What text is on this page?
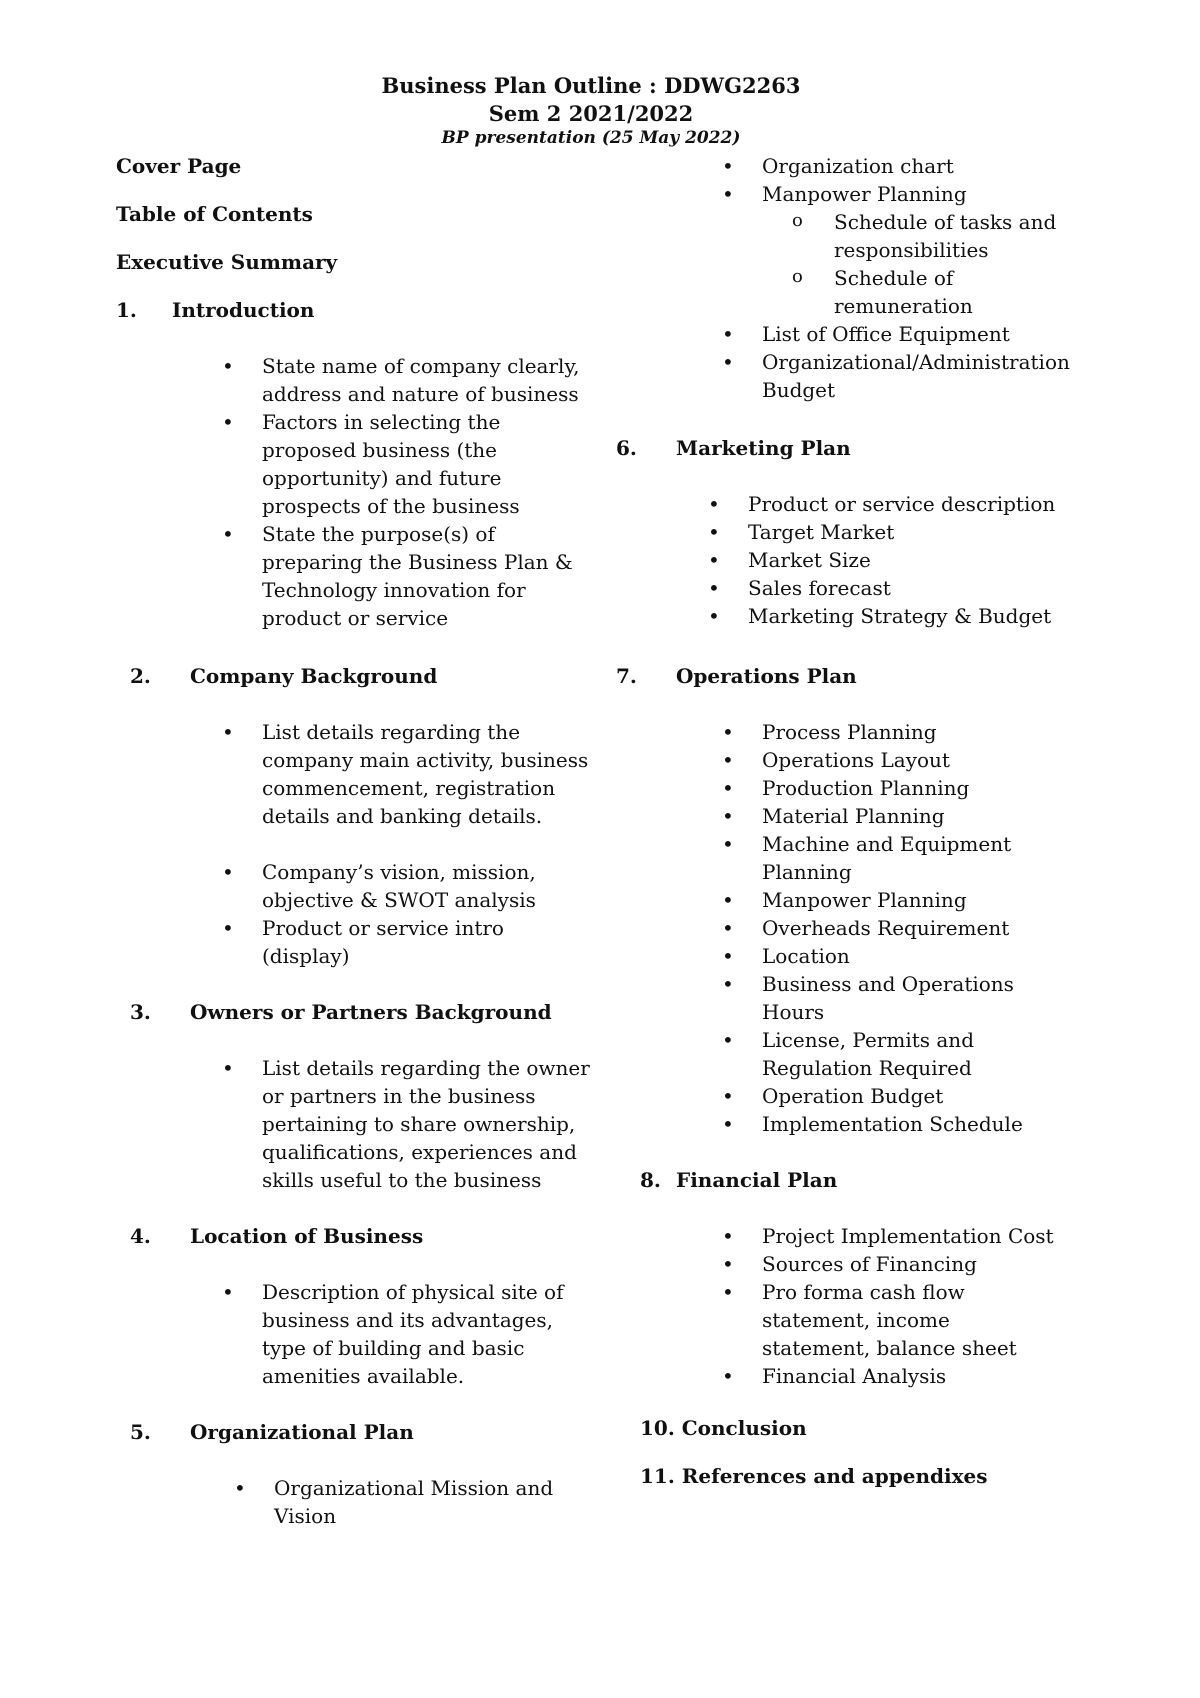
Business Plan Outline : DDWG2263
Sem 2 2021/2022
BP presentation (25 May 2022)
Cover Page
Table of Contents
Executive Summary
1. Introduction
• State name of company clearly, address and nature of business
• Factors in selecting the proposed business (the opportunity) and future prospects of the business
• State the purpose(s) of preparing the Business Plan & Technology innovation for product or service
2. Company Background
• List details regarding the company main activity, business commencement, registration details and banking details.
• Company’s vision, mission, objective & SWOT analysis
• Product or service intro (display)
3. Owners or Partners Background
• List details regarding the owner or partners in the business pertaining to share ownership, qualifications, experiences and skills useful to the business
4. Location of Business
• Description of physical site of business and its advantages, type of building and basic amenities available.
5. Organizational Plan
• Organizational Mission and Vision
• Organization chart
• Manpower Planning
o Schedule of tasks and responsibilities
o Schedule of remuneration
• List of Office Equipment
• Organizational/Administration Budget
6. Marketing Plan
• Product or service description
• Target Market
• Market Size
• Sales forecast
• Marketing Strategy & Budget
7. Operations Plan
• Process Planning
• Operations Layout
• Production Planning
• Material Planning
• Machine and Equipment Planning
• Manpower Planning
• Overheads Requirement
• Location
• Business and Operations Hours
• License, Permits and Regulation Required
• Operation Budget
• Implementation Schedule
8. Financial Plan
• Project Implementation Cost
• Sources of Financing
• Pro forma cash flow statement, income statement, balance sheet
• Financial Analysis
10. Conclusion
11. References and appendixes
